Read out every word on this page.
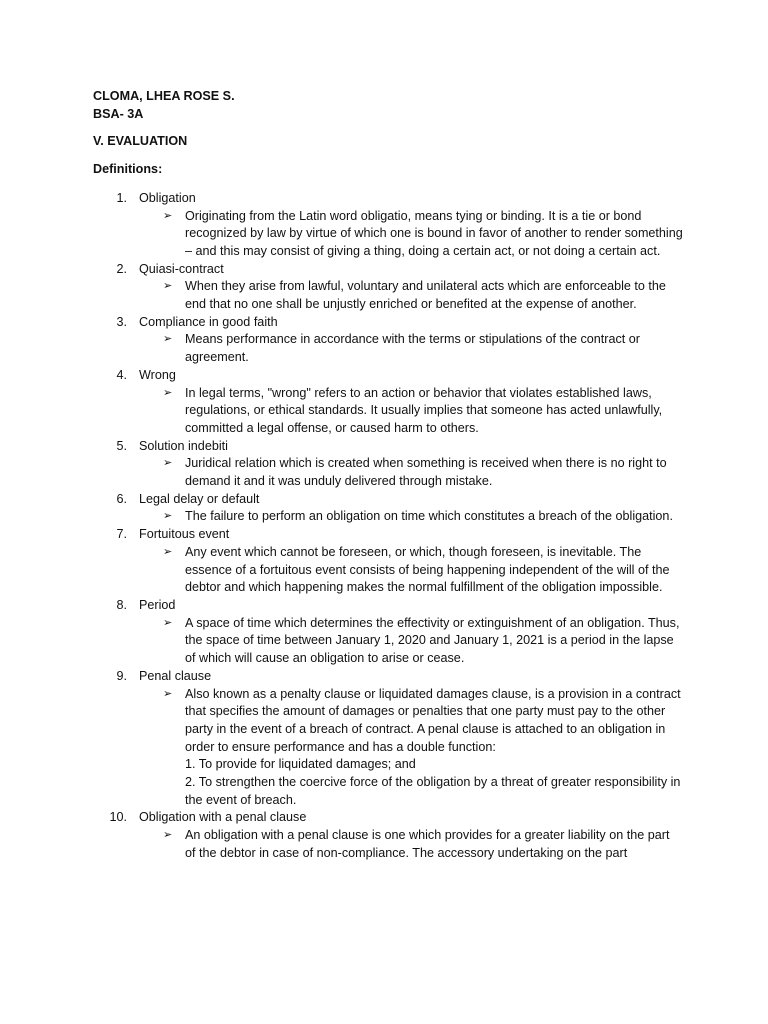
CLOMA, LHEA ROSE S.
BSA- 3A
V. EVALUATION
Definitions:
1. Obligation
➢ Originating from the Latin word obligatio, means tying or binding. It is a tie or bond recognized by law by virtue of which one is bound in favor of another to render something – and this may consist of giving a thing, doing a certain act, or not doing a certain act.
2. Quiasi-contract
➢ When they arise from lawful, voluntary and unilateral acts which are enforceable to the end that no one shall be unjustly enriched or benefited at the expense of another.
3. Compliance in good faith
➢ Means performance in accordance with the terms or stipulations of the contract or agreement.
4. Wrong
➢ In legal terms, "wrong" refers to an action or behavior that violates established laws, regulations, or ethical standards. It usually implies that someone has acted unlawfully, committed a legal offense, or caused harm to others.
5. Solution indebiti
➢ Juridical relation which is created when something is received when there is no right to demand it and it was unduly delivered through mistake.
6. Legal delay or default
➢ The failure to perform an obligation on time which constitutes a breach of the obligation.
7. Fortuitous event
➢ Any event which cannot be foreseen, or which, though foreseen, is inevitable. The essence of a fortuitous event consists of being happening independent of the will of the debtor and which happening makes the normal fulfillment of the obligation impossible.
8. Period
➢ A space of time which determines the effectivity or extinguishment of an obligation. Thus, the space of time between January 1, 2020 and January 1, 2021 is a period in the lapse of which will cause an obligation to arise or cease.
9. Penal clause
➢ Also known as a penalty clause or liquidated damages clause, is a provision in a contract that specifies the amount of damages or penalties that one party must pay to the other party in the event of a breach of contract. A penal clause is attached to an obligation in order to ensure performance and has a double function:
1. To provide for liquidated damages; and
2. To strengthen the coercive force of the obligation by a threat of greater responsibility in the event of breach.
10. Obligation with a penal clause
➢ An obligation with a penal clause is one which provides for a greater liability on the part of the debtor in case of non-compliance. The accessory undertaking on the part
